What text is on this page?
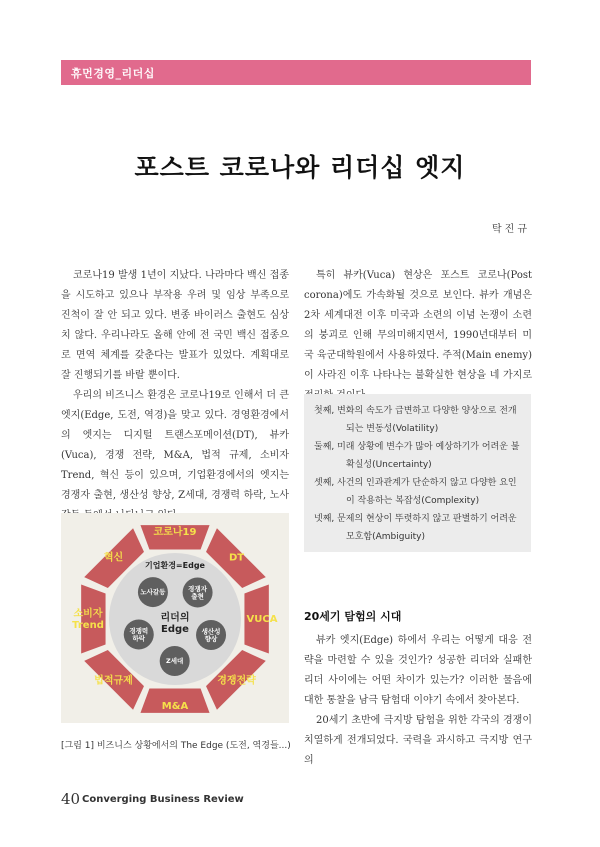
휴먼경영_리더십
포스트 코로나와 리더십 엣지
탁진규

코로나19 발생 1년이 지났다. 나라마다 백신 접종을 시도하고 있으나 부작용 우려 및 임상 부족으로 진척이 잘 안 되고 있다. 변종 바이러스 출현도 심상치 않다. 우리나라도 올해 안에 전 국민 백신 접종으로 면역 체계를 갖춘다는 발표가 있었다. 계획대로 잘 진행되기를 바랄 뿐이다.

우리의 비즈니스 환경은 코로나19로 인해서 더 큰 엣지(Edge, 도전, 역경)을 맞고 있다. 경영환경에서의 엣지는 디지털 트랜스포메이션(DT), 뷰카(Vuca), 경쟁 전략, M&A, 법적 규제, 소비자 Trend, 혁신 등이 있으며, 기업환경에서의 엣지는 경쟁자 출현, 생산성 향상, Z세대, 경쟁력 하락, 노사

특히 뷰카(Vuca) 현상은 포스트 코로나(Post corona)에도 가속화될 것으로 보인다. 뷰카 개념은 2차 세계대전 이후 미국과 소련의 이념 논쟁이 소련의 붕괴로 인해 무의미해지면서, 1990년대부터 미국 육군대학원에서 사용하였다. 주적(Main enemy)이 사라진 이후 나타나는 불확실한 현상을 네 가지로

첫째, 변화의 속도가 급변하고 다양한 양상으로 전개되는 변동성(Volatility)
둘째, 미래 상황에 변수가 많아 예상하기가 어려운 불확실성(Uncertainty)
셋째, 사건의 인과관계가 단순하지 않고 다양한 요인이 작용하는 복잡성(Complexity)
넷째, 문제의 현상이 뚜렷하지 않고 판별하기 어려운 모호함(Ambiguity)
20세기 탐험의 시대

뷰카 엣지(Edge) 하에서 우리는 어떻게 대응 전략을 마련할 수 있을 것인가? 성공한 리더와 실패한 리더 사이에는 어떤 차이가 있는가? 이러한 물음에 대한 통찰을 남극 탐험대 이야기 속에서 찾아본다.

20세기 초반에 극지방 탐험을 위한 각국의 경쟁이 치열하게 전개되었다. 국력을 과시하고 극지방 연구의

코로나19
DT
VUCA
경쟁전략
M&A
법적규제
소비자 Trend
혁신
기업환경=Edge
노사갈등	경쟁자 출현
생산성 향상
Z세대
경쟁력 하락
리더의 Edge
[그림 1] 비즈니스 상황에서의 The Edge (도전, 역경들...)
40 Converging Business Review
